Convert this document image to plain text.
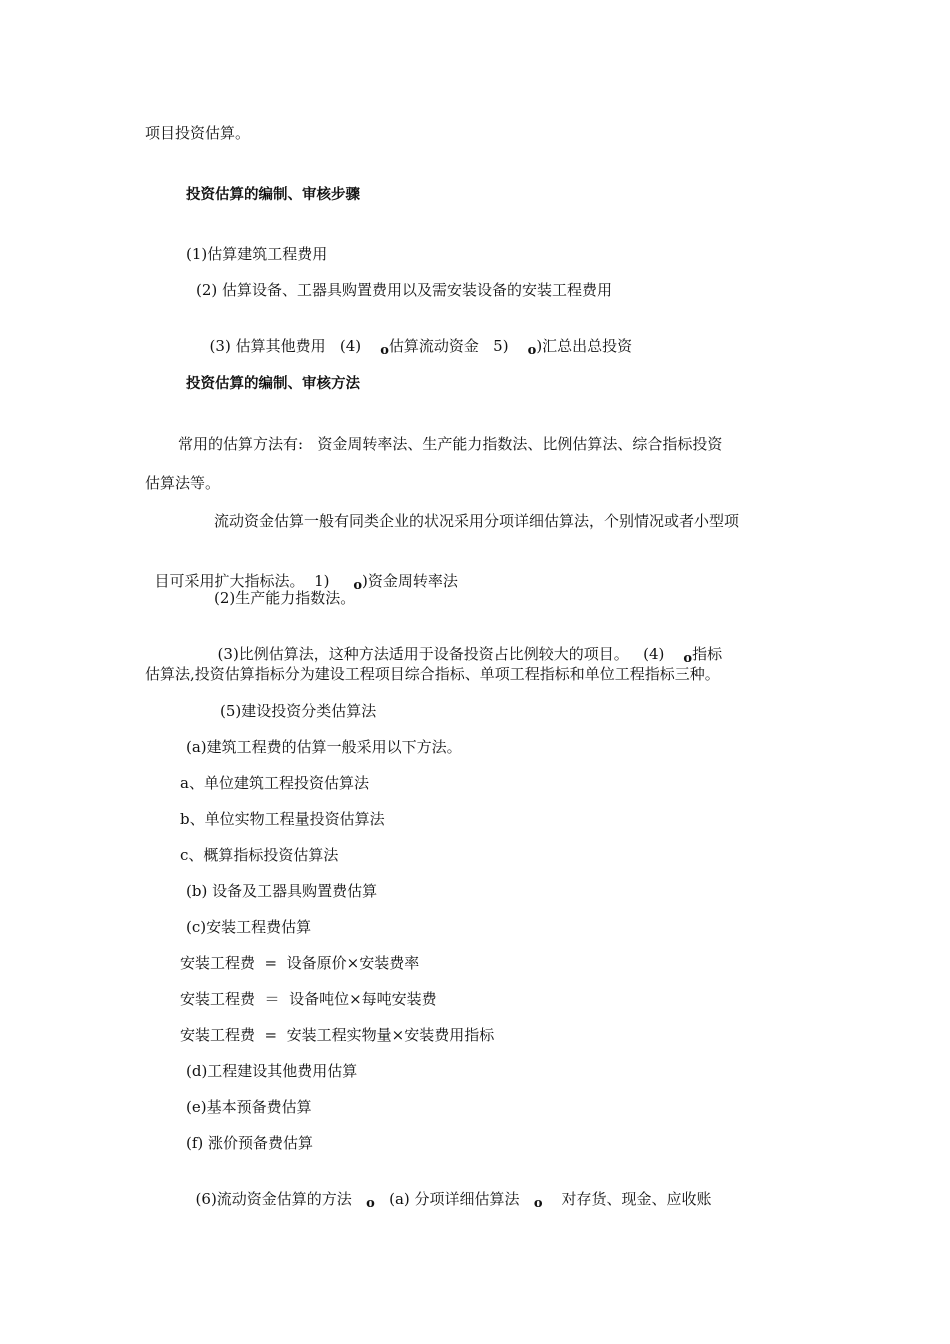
项目投资估算。
投资估算的编制、审核步骤
(1)估算建筑工程费用
(2) 估算设备、工器具购置费用以及需安装设备的安装工程费用

(3) 估算其他费用   (4)    ο估算流动资金   5)    ο)汇总出总投资

投资估算的编制、审核方法
常用的估算方法有:   资金周转率法、生产能力指数法、比例估算法、综合指标投资
估算法等。
流动资金估算一般有同类企业的状况采用分项详细估算法，个别情况或者小型项

目可采用扩大指标法。  1)     ο)资金周转率法

(2)生产能力指数法。

(3)比例估算法，这种方法适用于设备投资占比例较大的项目。   (4)    ο指标

估算法,投资估算指标分为建设工程项目综合指标、单项工程指标和单位工程指标三种。
(5)建设投资分类估算法
(a)建筑工程费的估算一般采用以下方法。
a、单位建筑工程投资估算法
b、单位实物工程量投资估算法
c、概算指标投资估算法
(b) 设备及工器具购置费估算
(c)安装工程费估算
安装工程费  =  设备原价×安装费率
安装工程费  ＝  设备吨位×每吨安装费
安装工程费  =  安装工程实物量×安装费用指标
(d)工程建设其他费用估算
(e)基本预备费估算
(f) 涨价预备费估算

(6)流动资金估算的方法   ο   (a) 分项详细估算法   ο    对存货、现金、应收账
